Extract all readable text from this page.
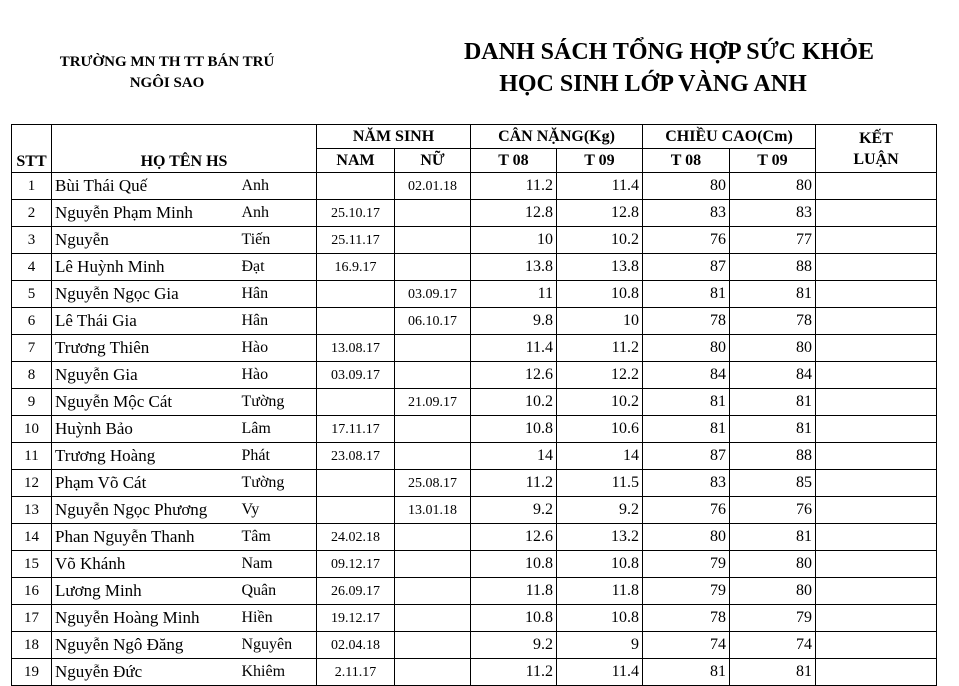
TRƯỜNG MN TH TT BÁN TRÚ
NGÔI SAO
DANH SÁCH TỔNG HỢP SỨC KHỎE
HỌC SINH LỚP VÀNG ANH
STT	HỌ TÊN HS		NĂM SINH		CÂN NẶNG(Kg)		CHIỀU CAO(Cm)		KẾT
LUẬN

			NAM	NỮ	T 08	T 09	T 08	T 09	
1	Bùi Thái Quế	Anh		02.01.18	11.2	11.4	80	80	
2	Nguyễn Phạm Minh	Anh	25.10.17		12.8	12.8	83	83	
3	Nguyễn	Tiến	25.11.17		10	10.2	76	77	
4	Lê Huỳnh Minh	Đạt	16.9.17		13.8	13.8	87	88	
5	Nguyễn Ngọc Gia	Hân		03.09.17	11	10.8	81	81	
6	Lê Thái Gia	Hân		06.10.17	9.8	10	78	78	
7	Trương Thiên	Hào	13.08.17		11.4	11.2	80	80	
8	Nguyễn Gia	Hào	03.09.17		12.6	12.2	84	84	
9	Nguyễn Mộc Cát	Tường		21.09.17	10.2	10.2	81	81	
10	Huỳnh Bảo	Lâm	17.11.17		10.8	10.6	81	81	
11	Trương Hoàng	Phát	23.08.17		14	14	87	88	
12	Phạm Võ Cát	Tường		25.08.17	11.2	11.5	83	85	
13	Nguyễn Ngọc Phương	Vy		13.01.18	9.2	9.2	76	76	
14	Phan Nguyễn Thanh	Tâm	24.02.18		12.6	13.2	80	81	
15	Võ Khánh	Nam	09.12.17		10.8	10.8	79	80	
16	Lương Minh	Quân	26.09.17		11.8	11.8	79	80	
17	Nguyễn Hoàng Minh	Hiền	19.12.17		10.8	10.8	78	79	
18	Nguyễn Ngô Đăng	Nguyên	02.04.18		9.2	9	74	74	
19	Nguyễn Đức	Khiêm	2.11.17		11.2	11.4	81	81	
